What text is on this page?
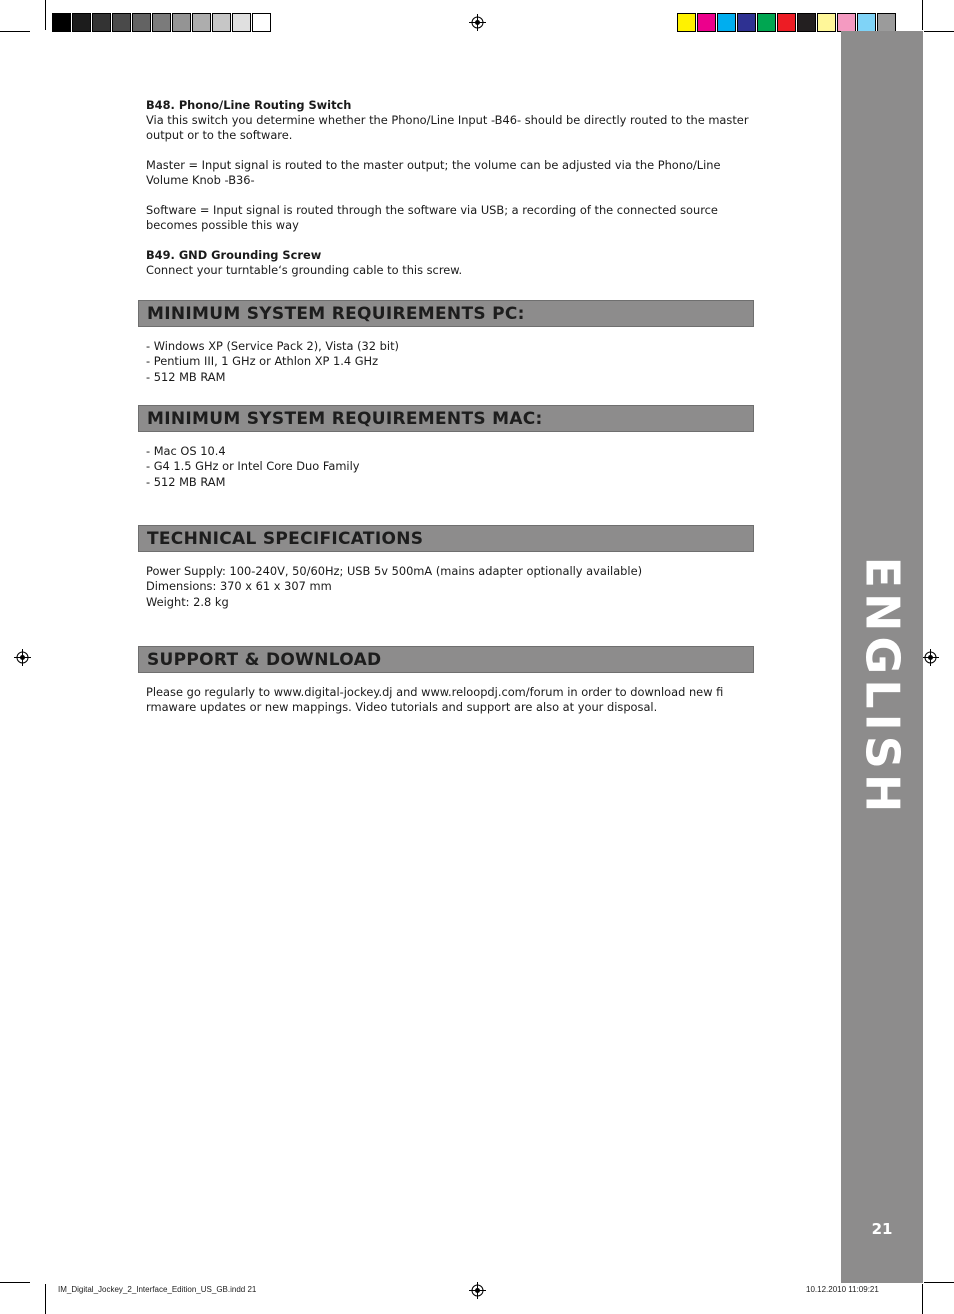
ENGLISH
21

B48. Phono/Line Routing Switch

Via this switch you determine whether the Phono/Line Input -B46- should be directly routed to the master output or to the software.

Master = Input signal is routed to the master output; the volume can be adjusted via the Phono/Line Volume Knob -B36-

Software = Input signal is routed through the software via USB; a recording of the connected source becomes possible this way

B49. GND Grounding Screw

Connect your turntable‘s grounding cable to this screw.

MINIMUM SYSTEM REQUIREMENTS PC:

- Windows XP (Service Pack 2), Vista (32 bit)

- Pentium III, 1 GHz or Athlon XP 1.4 GHz

- 512 MB RAM

MINIMUM SYSTEM REQUIREMENTS MAC:

- Mac OS 10.4

- G4 1.5 GHz or Intel Core Duo Family

- 512 MB RAM

TECHNICAL SPECIFICATIONS

Power Supply: 100-240V, 50/60Hz; USB 5v 500mA (mains adapter optionally available)

Dimensions: 370 x 61 x 307 mm

Weight: 2.8 kg

SUPPORT & DOWNLOAD

Please go regularly to www.digital-jockey.dj and www.reloopdj.com/forum in order to download new fi rmaware updates or new mappings. Video tutorials and support are also at your disposal.

IM_Digital_Jockey_2_Interface_Edition_US_GB.indd 21	10.12.2010 11:09:21
